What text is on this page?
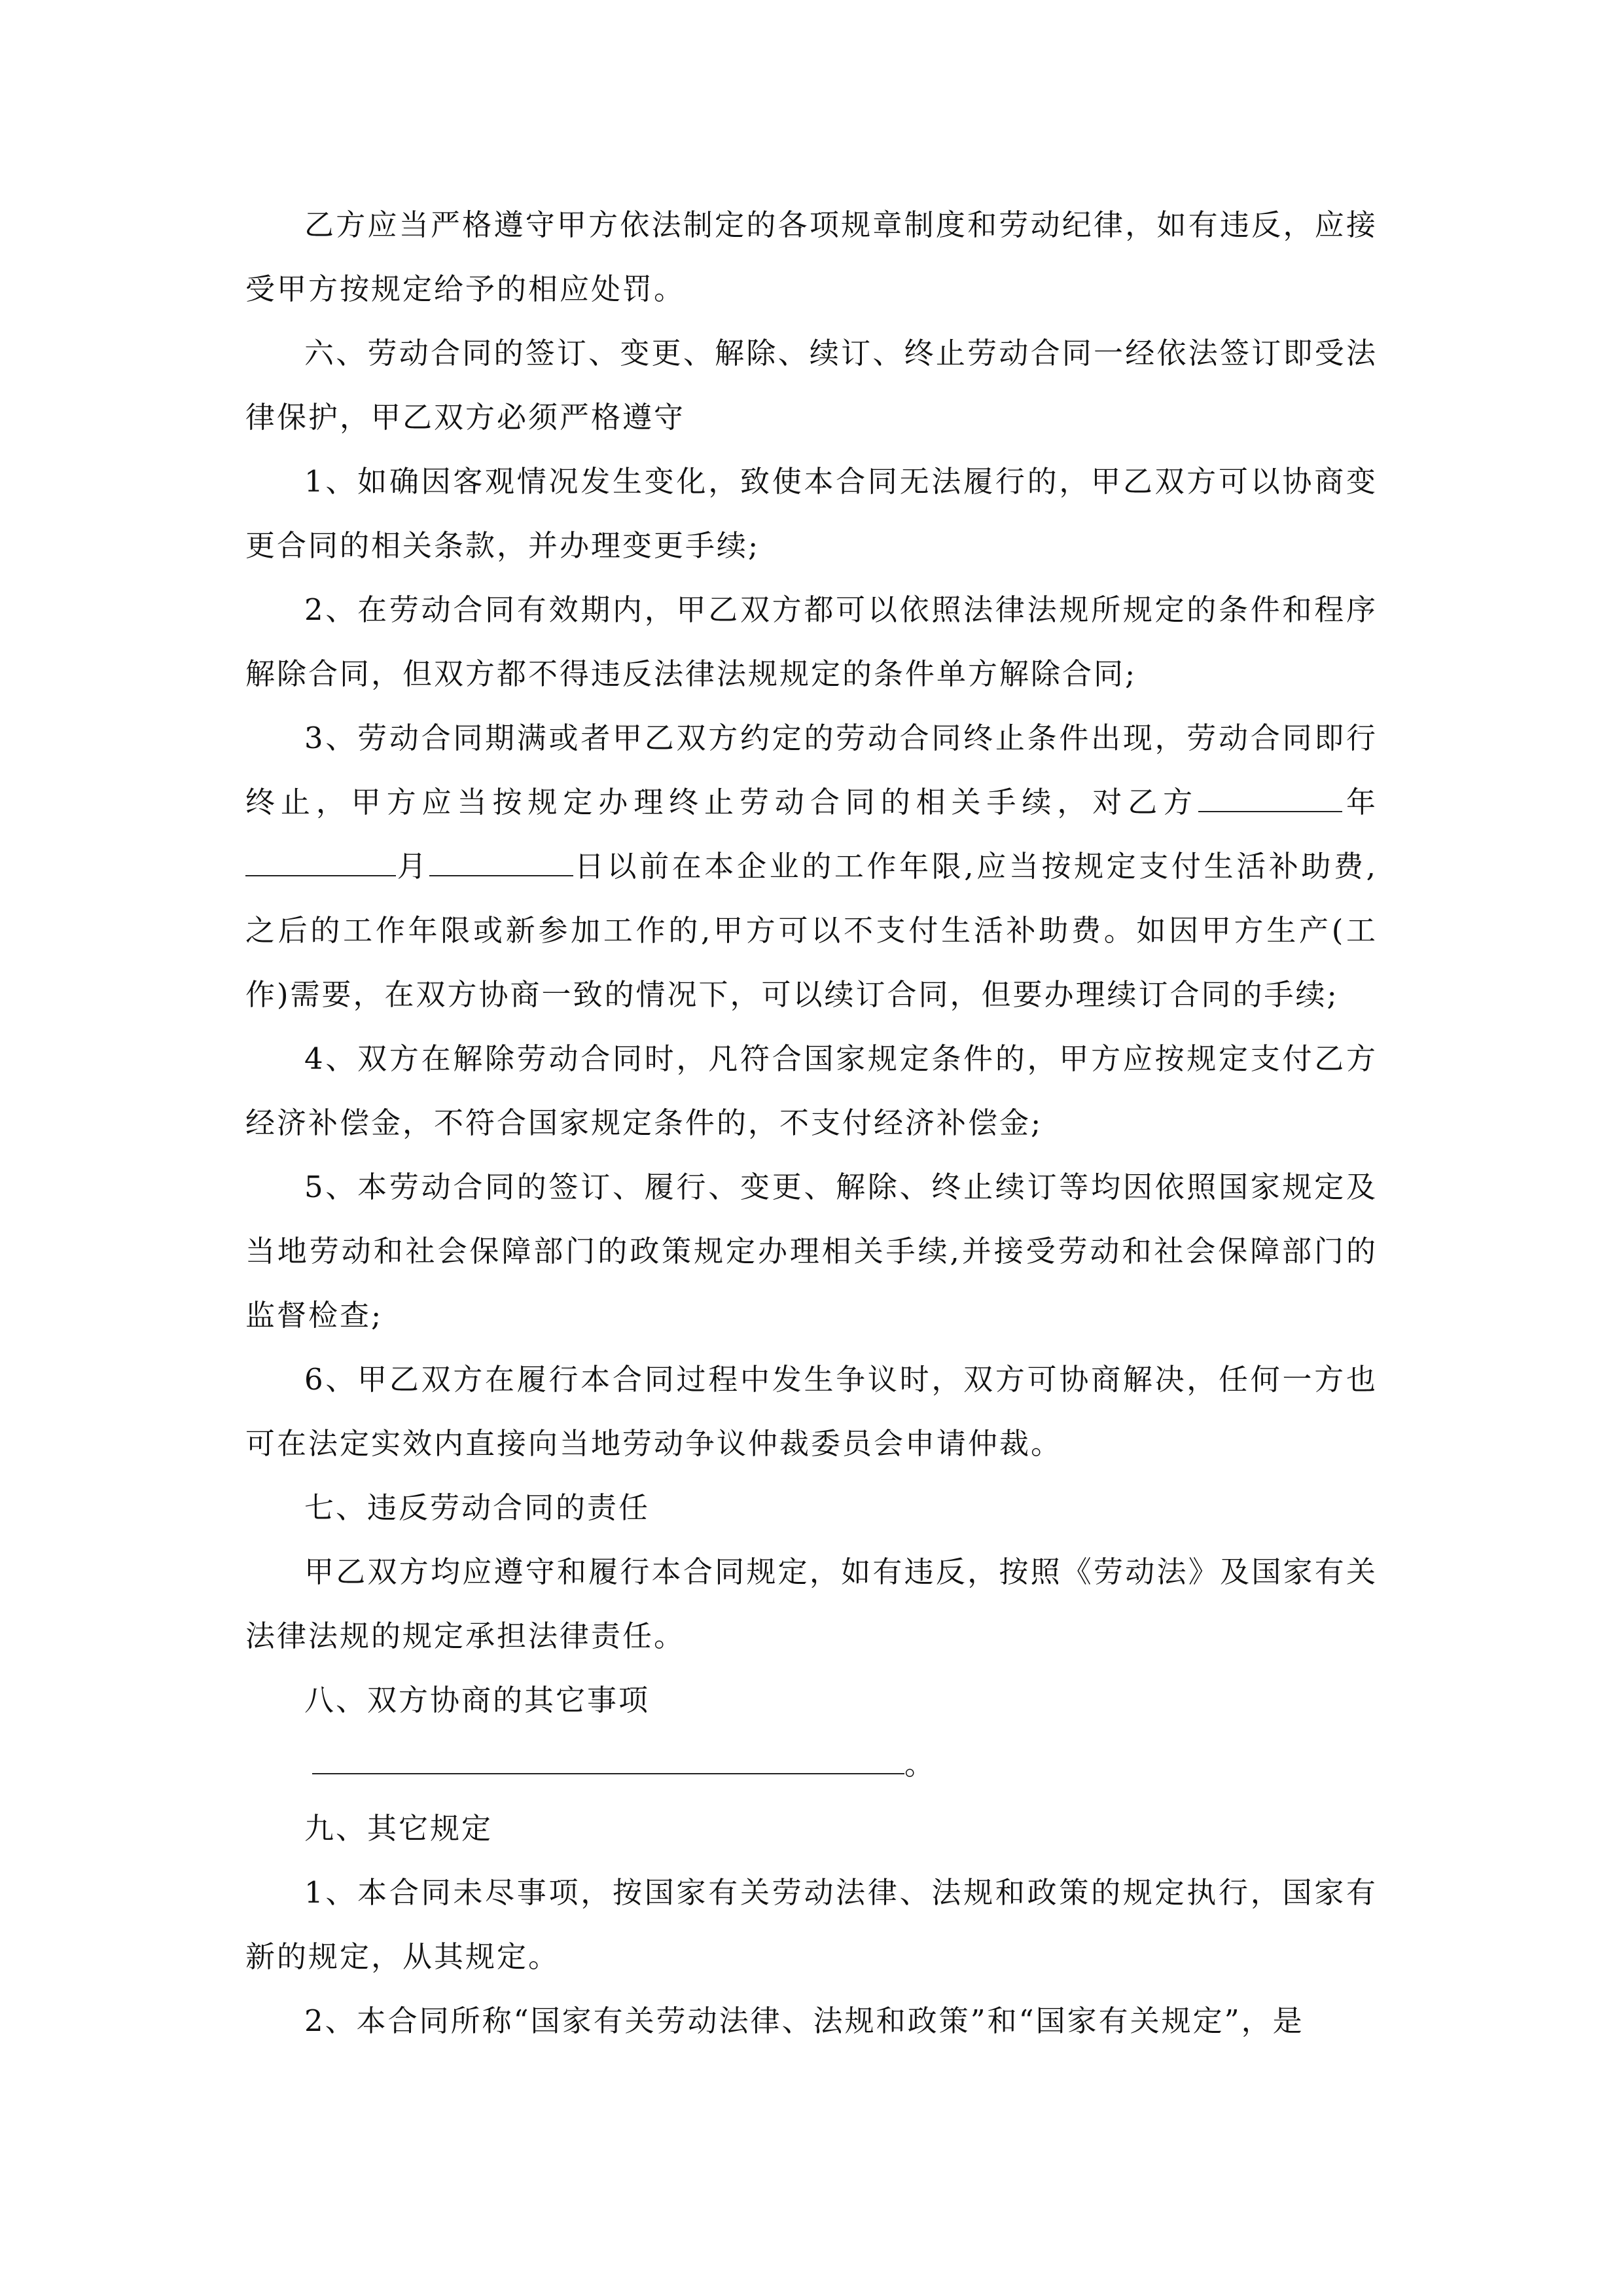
乙方应当严格遵守甲方依法制定的各项规章制度和劳动纪律，如有违反，应接受甲方按规定给予的相应处罚。

六、劳动合同的签订、变更、解除、续订、终止劳动合同一经依法签订即受法律保护，甲乙双方必须严格遵守

1、如确因客观情况发生变化，致使本合同无法履行的，甲乙双方可以协商变更合同的相关条款，并办理变更手续;

2、在劳动合同有效期内，甲乙双方都可以依照法律法规所规定的条件和程序解除合同，但双方都不得违反法律法规规定的条件单方解除合同;

3、劳动合同期满或者甲乙双方约定的劳动合同终止条件出现，劳动合同即行终止，甲方应当按规定办理终止劳动合同的相关手续，对乙方	年月	日以前在本企业的工作年限,应当按规定支付生活补助费,之后的工作年限或新参加工作的,甲方可以不支付生活补助费。如因甲方生产(工作)需要，在双方协商一致的情况下，可以续订合同，但要办理续订合同的手续;

4、双方在解除劳动合同时，凡符合国家规定条件的，甲方应按规定支付乙方经济补偿金，不符合国家规定条件的，不支付经济补偿金;

5、本劳动合同的签订、履行、变更、解除、终止续订等均因依照国家规定及当地劳动和社会保障部门的政策规定办理相关手续,并接受劳动和社会保障部门的监督检查;

6、甲乙双方在履行本合同过程中发生争议时，双方可协商解决，任何一方也可在法定实效内直接向当地劳动争议仲裁委员会申请仲裁。

七、违反劳动合同的责任

甲乙双方均应遵守和履行本合同规定，如有违反，按照《劳动法》及国家有关法律法规的规定承担法律责任。

八、双方协商的其它事项

。

九、其它规定

1、本合同未尽事项，按国家有关劳动法律、法规和政策的规定执行，国家有新的规定，从其规定。

2、本合同所称“国家有关劳动法律、法规和政策”和“国家有关规定”，是
